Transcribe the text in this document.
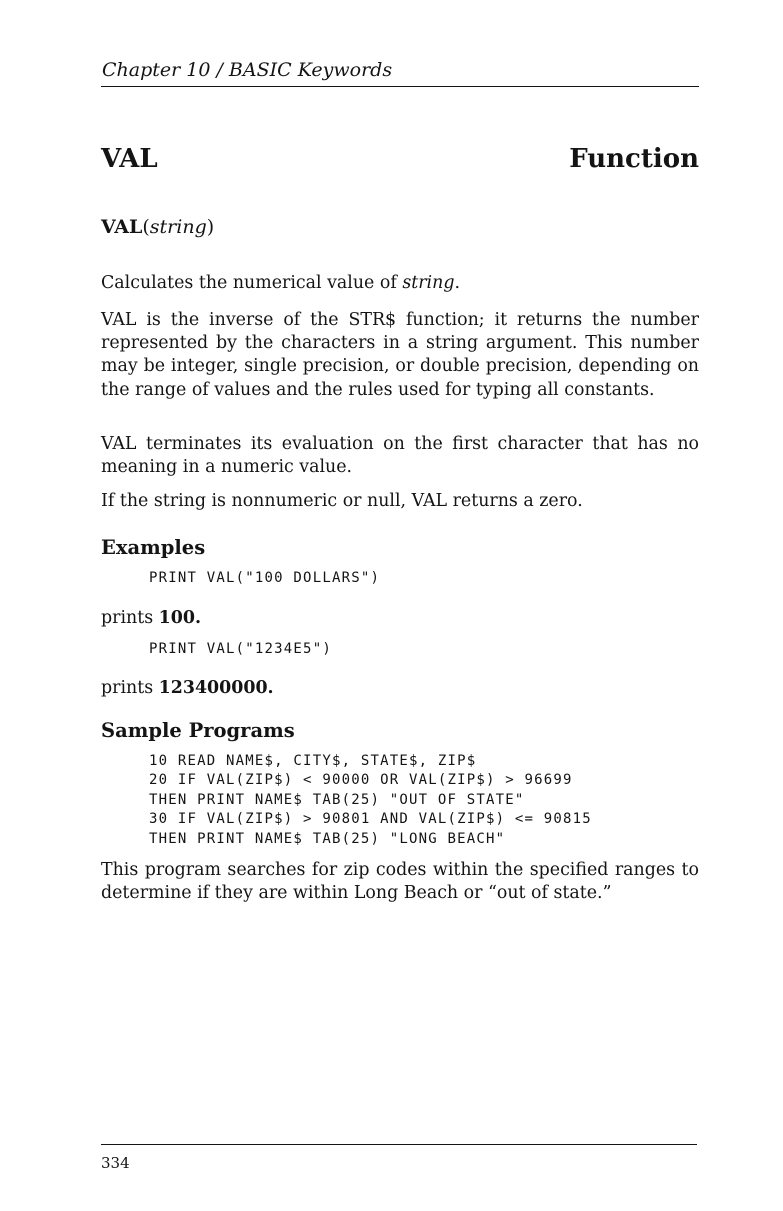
Chapter 10 / BASIC Keywords
VAL	Function
VAL(string)

Calculates the numerical value of string.

VAL is the inverse of the STR$ function; it returns the number represented by the characters in a string argument. This number may be integer, single precision, or double precision, depending on the range of values and the rules used for typing all constants.

VAL terminates its evaluation on the first character that has no meaning in a numeric value.

If the string is nonnumeric or null, VAL returns a zero.

Examples
PRINT VAL("100 DOLLARS")
prints 100.
PRINT VAL("1234E5")
prints 123400000.
Sample Programs
10 READ NAME$, CITY$, STATE$, ZIP$
20 IF VAL(ZIP$) < 90000 OR VAL(ZIP$) > 96699
THEN PRINT NAME$ TAB(25) "OUT OF STATE"
30 IF VAL(ZIP$) > 90801 AND VAL(ZIP$) <= 90815
THEN PRINT NAME$ TAB(25) "LONG BEACH"

This program searches for zip codes within the specified ranges to determine if they are within Long Beach or “out of state.”

334
